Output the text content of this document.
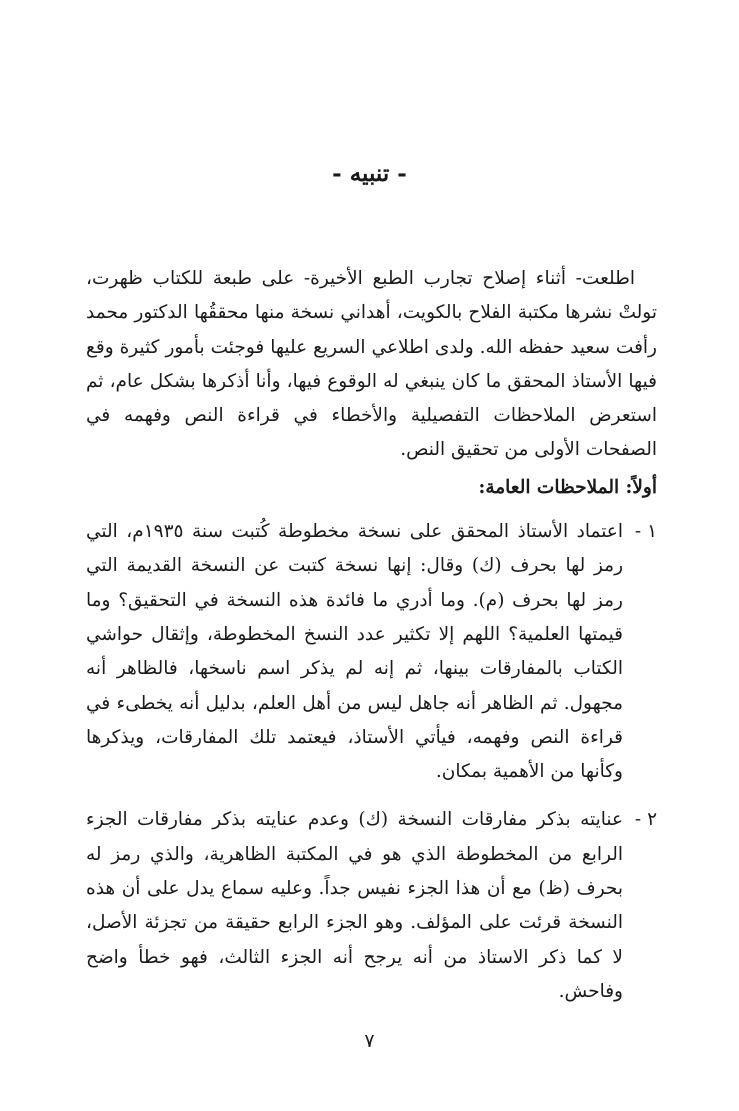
- تنبيه -

اطلعت- أثناء إصلاح تجارب الطبع الأخيرة- على طبعة للكتاب ظهرت، تولتْ نشرها مكتبة الفلاح بالكويت، أهداني نسخة منها محققُها الدكتور محمد رأفت سعيد حفظه الله. ولدى اطلاعي السريع عليها فوجئت بأمور كثيرة وقع فيها الأستاذ المحقق ما كان ينبغي له الوقوع فيها، وأنا أذكرها بشكل عام، ثم استعرض الملاحظات التفصيلية والأخطاء في قراءة النص وفهمه في الصفحات الأولى من تحقيق النص.

أولاً: الملاحظات العامة:
١ -
اعتماد الأستاذ المحقق على نسخة مخطوطة كُتبت سنة ١٩٣٥م، التي رمز لها بحرف (ك) وقال: إنها نسخة كتبت عن النسخة القديمة التي رمز لها بحرف (م). وما أدري ما فائدة هذه النسخة في التحقيق؟ وما قيمتها العلمية؟ اللهم إلا تكثير عدد النسخ المخطوطة، وإثقال حواشي الكتاب بالمفارقات بينها، ثم إنه لم يذكر اسم ناسخها، فالظاهر أنه مجهول. ثم الظاهر أنه جاهل ليس من أهل العلم، بدليل أنه يخطىء في قراءة النص وفهمه، فيأتي الأستاذ، فيعتمد تلك المفارقات، ويذكرها وكأنها من الأهمية بمكان.
٢ -
عنايته بذكر مفارقات النسخة (ك) وعدم عنايته بذكر مفارقات الجزء الرابع من المخطوطة الذي هو في المكتبة الظاهرية، والذي رمز له بحرف (ظ) مع أن هذا الجزء نفيس جداً. وعليه سماع يدل على أن هذه النسخة قرئت على المؤلف. وهو الجزء الرابع حقيقة من تجزئة الأصل، لا كما ذكر الاستاذ من أنه يرجح أنه الجزء الثالث، فهو خطأ واضح وفاحش.
٧
